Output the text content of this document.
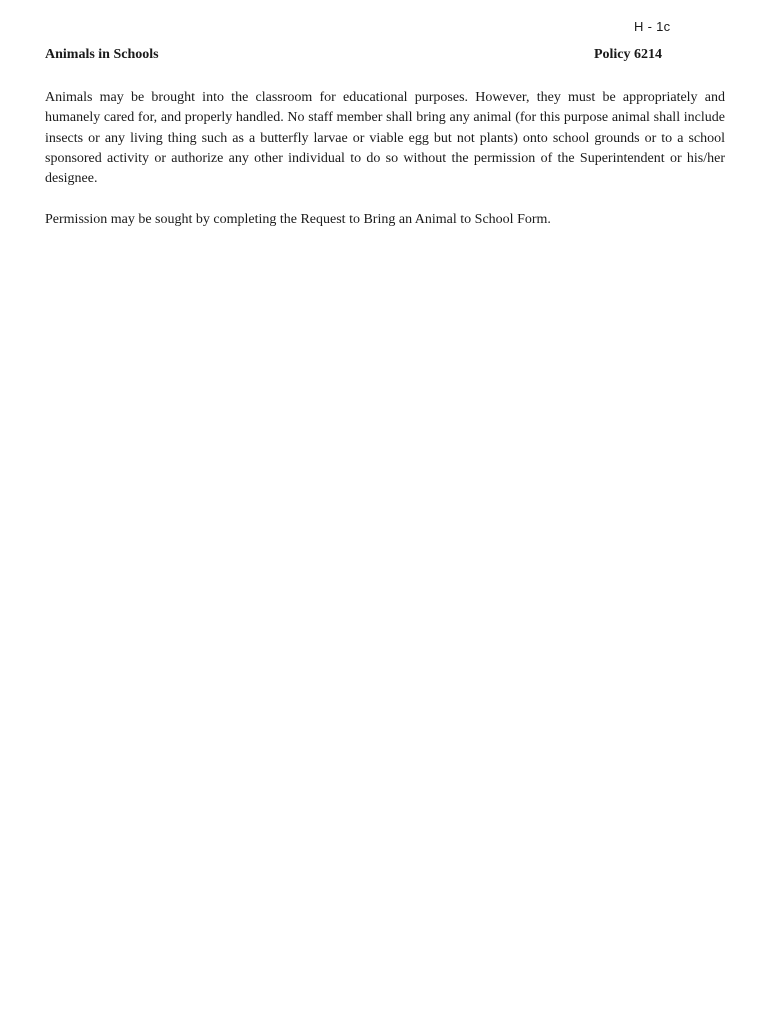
H - 1c
Animals in Schools	Policy 6214

Animals may be brought into the classroom for educational purposes. However, they must be appropriately and humanely cared for, and properly handled. No staff member shall bring any animal (for this purpose animal shall include insects or any living thing such as a butterfly larvae or viable egg but not plants) onto school grounds or to a school sponsored activity or authorize any other individual to do so without the permission of the Superintendent or his/her designee.

Permission may be sought by completing the Request to Bring an Animal to School Form.
